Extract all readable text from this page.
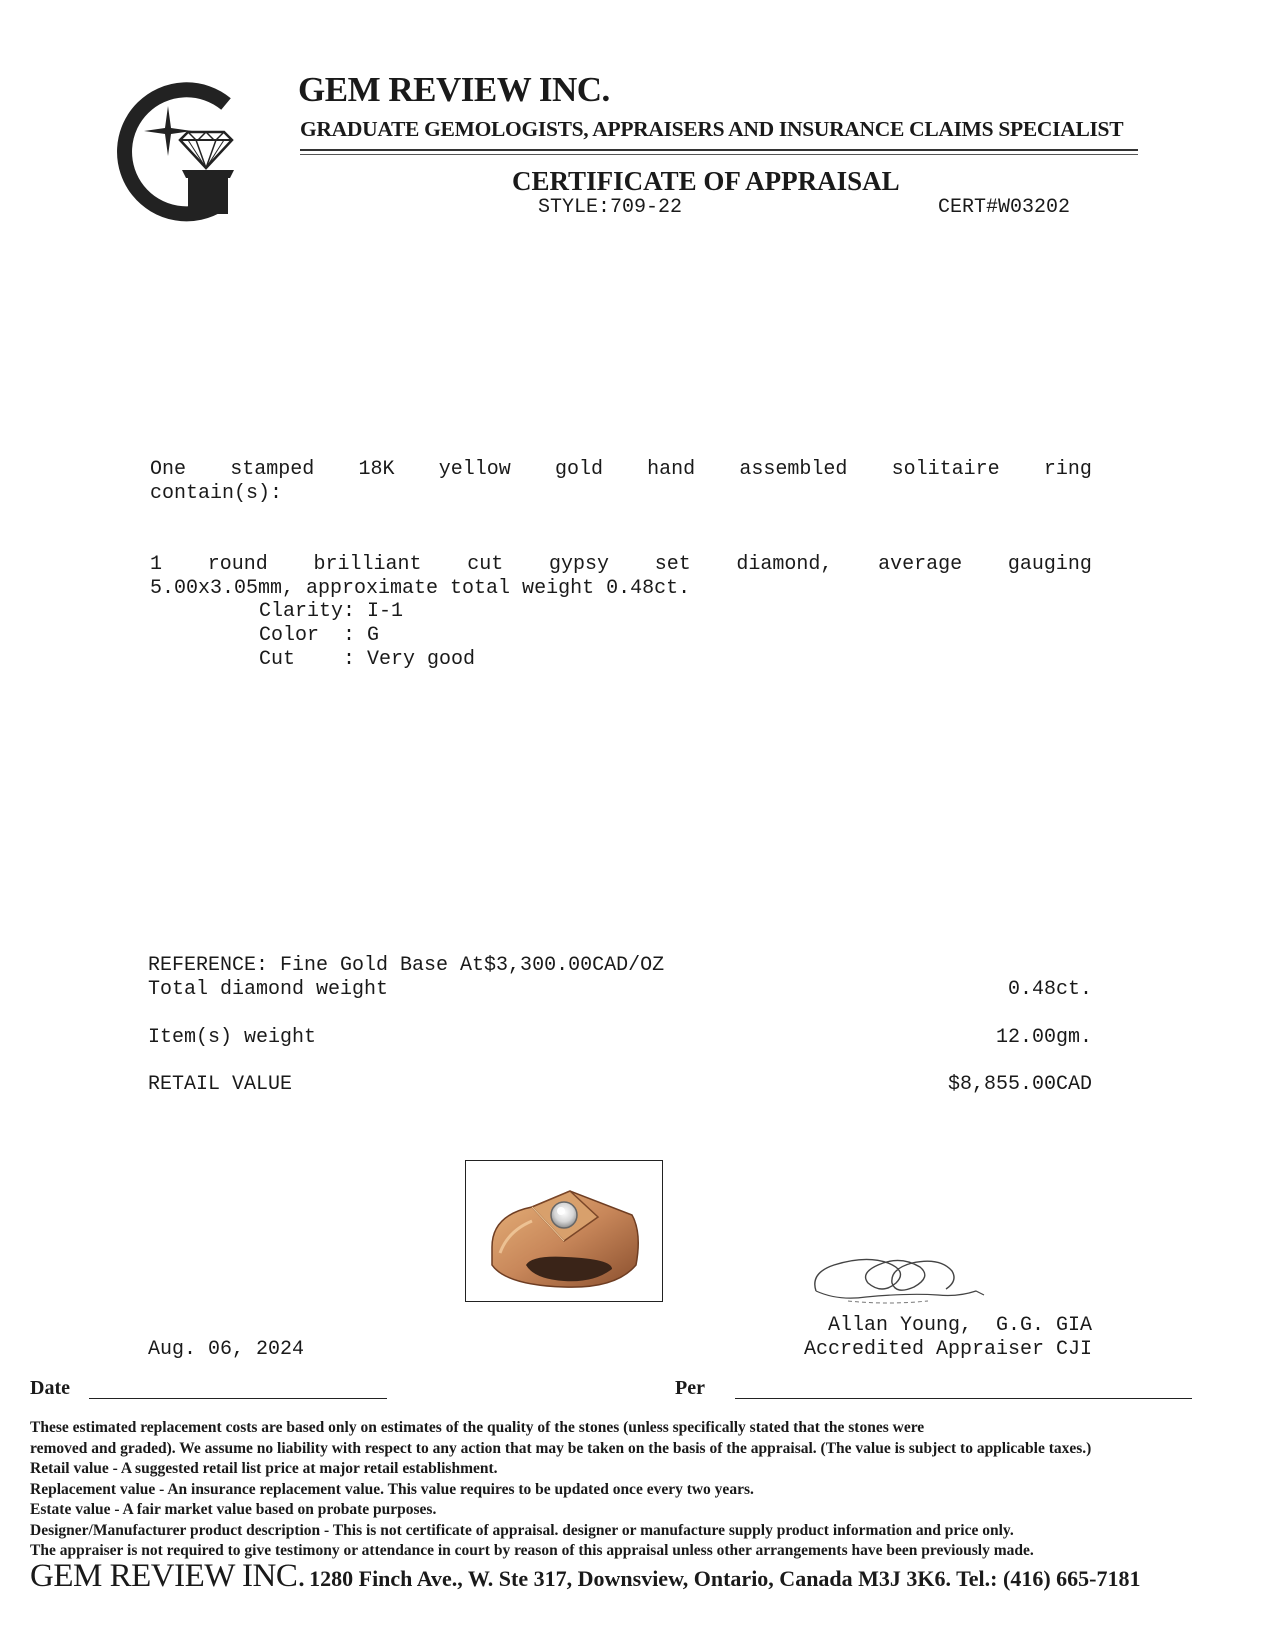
GEM REVIEW INC.
GRADUATE GEMOLOGISTS, APPRAISERS AND INSURANCE CLAIMS SPECIALIST
CERTIFICATE OF APPRAISAL
STYLE:709-22	CERT#W03202
One stamped 18K yellow gold hand assembled solitaire ring
contain(s):
1 round brilliant cut gypsy set diamond, average gauging
5.00x3.05mm, approximate total weight 0.48ct.
Clarity: I-1
Color  : G
Cut    : Very good
REFERENCE: Fine Gold Base At$3,300.00CAD/OZ
Total diamond weight	0.48ct.
Item(s) weight	12.00gm.
RETAIL VALUE	$8,855.00CAD
Aug. 06, 2024
Allan Young,  G.G. GIA
Accredited Appraiser CJI
Date	Per
These estimated replacement costs are based only on estimates of the quality of the stones (unless specifically stated that the stones were
removed and graded). We assume no liability with respect to any action that may be taken on the basis of the appraisal. (The value is subject to applicable taxes.)
Retail value - A suggested retail list price at major retail establishment.
Replacement value - An insurance replacement value. This value requires to be updated once every two years.
Estate value - A fair market value based on probate purposes.
Designer/Manufacturer product description - This is not certificate of appraisal. designer or manufacture supply product information and price only.
The appraiser is not required to give testimony or attendance in court by reason of this appraisal unless other arrangements have been previously made.
GEM REVIEW INC. 1280 Finch Ave., W. Ste 317, Downsview, Ontario, Canada M3J 3K6. Tel.: (416) 665-7181
